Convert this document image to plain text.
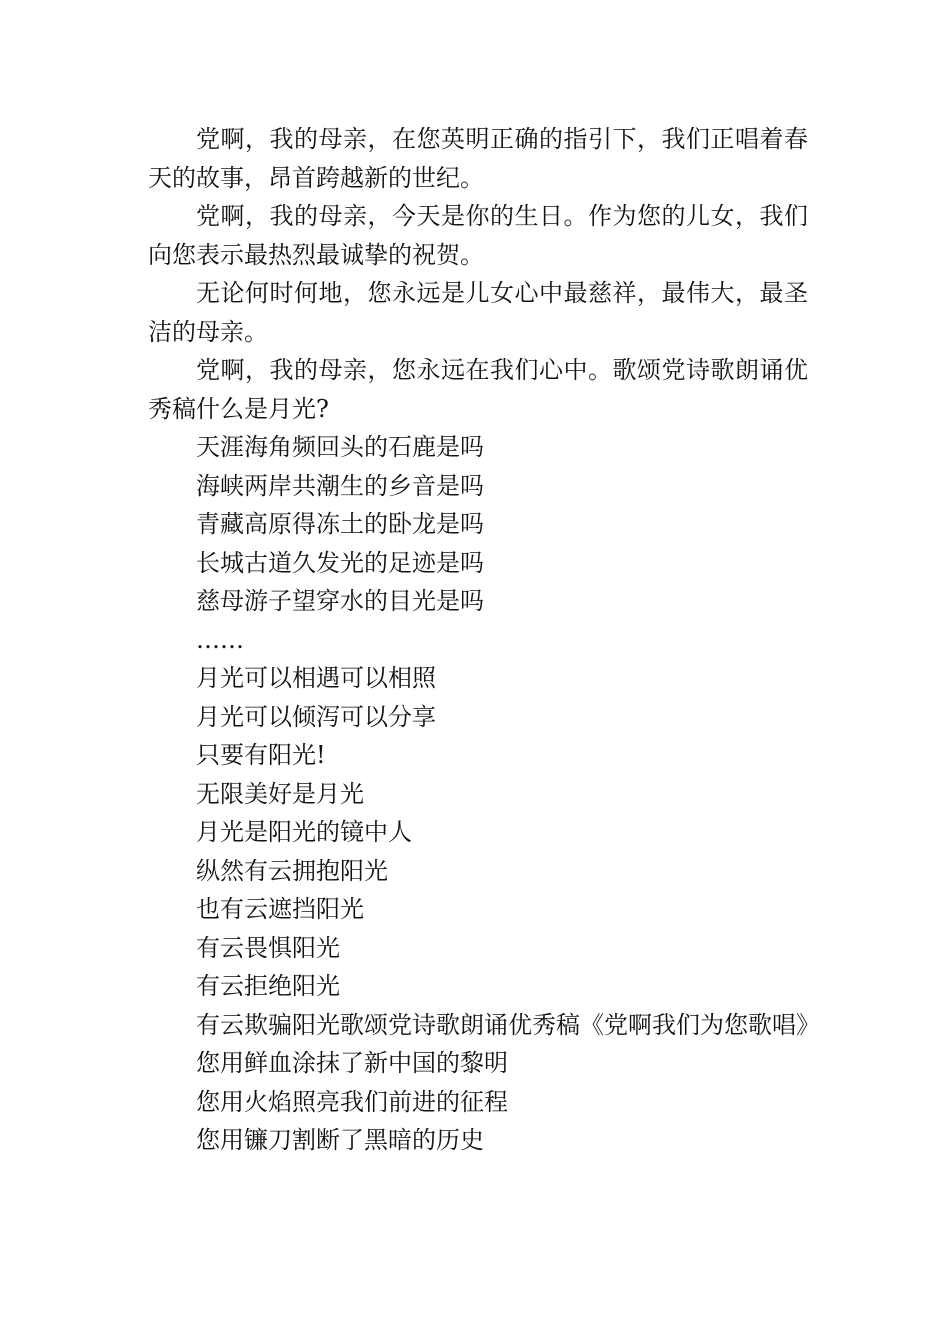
党啊，我的母亲，在您英明正确的指引下，我们正唱着春天的故事，昂首跨越新的世纪。

党啊，我的母亲，今天是你的生日。作为您的儿女，我们向您表示最热烈最诚挚的祝贺。

无论何时何地，您永远是儿女心中最慈祥，最伟大，最圣洁的母亲。

党啊，我的母亲，您永远在我们心中。歌颂党诗歌朗诵优秀稿什么是月光?

天涯海角频回头的石鹿是吗

海峡两岸共潮生的乡音是吗

青藏高原得冻土的卧龙是吗

长城古道久发光的足迹是吗

慈母游子望穿水的目光是吗

……

月光可以相遇可以相照

月光可以倾泻可以分享

只要有阳光!

无限美好是月光

月光是阳光的镜中人

纵然有云拥抱阳光

也有云遮挡阳光

有云畏惧阳光

有云拒绝阳光

有云欺骗阳光歌颂党诗歌朗诵优秀稿《党啊我们为您歌唱》

您用鲜血涂抹了新中国的黎明

您用火焰照亮我们前进的征程

您用镰刀割断了黑暗的历史
